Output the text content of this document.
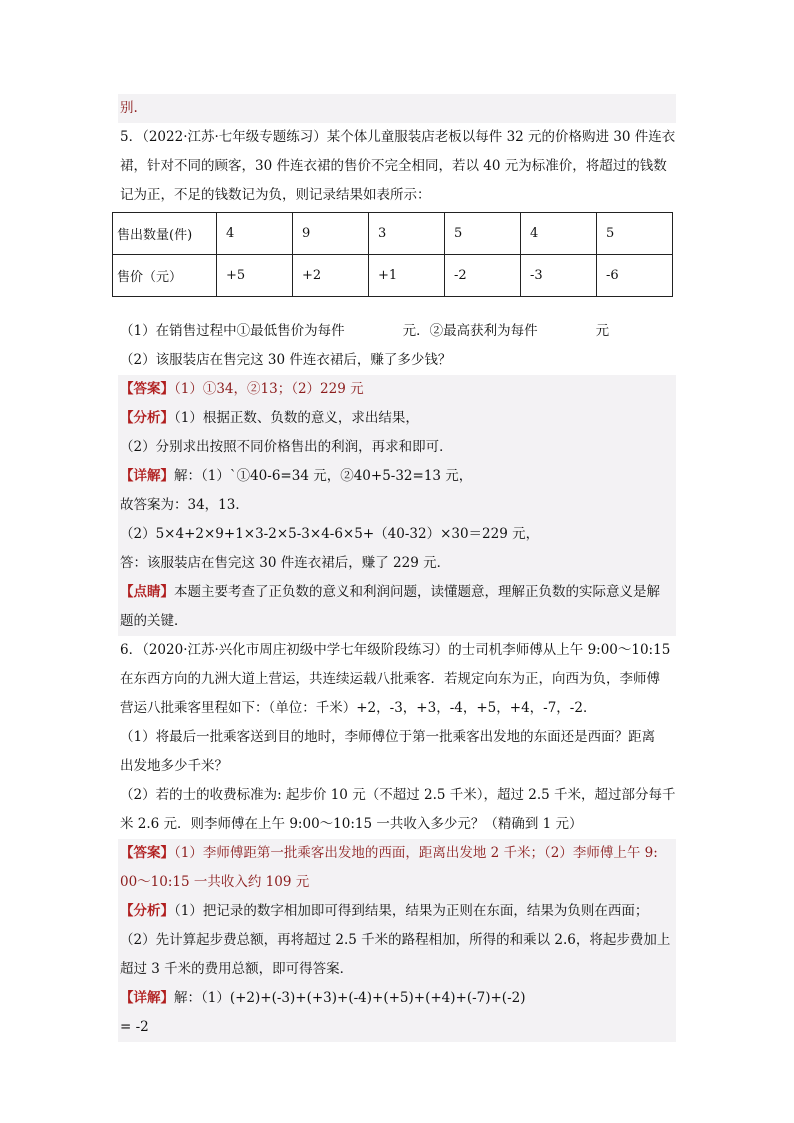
别.
5．（2022·江苏·七年级专题练习）某个体儿童服装店老板以每件 32 元的价格购进 30 件连衣
裙，针对不同的顾客，30 件连衣裙的售价不完全相同，若以 40 元为标准价，将超过的钱数
记为正，不足的钱数记为负，则记录结果如表所示：
售出数量(件)	4	9	3	5	4	5
售价（元）	+5	+2	+1	-2	-3	-6
（1）在销售过程中①最低售价为每件	元．②最高获利为每件	元
（2）该服装店在售完这 30 件连衣裙后，赚了多少钱？
【答案】（1）①34，②13；（2）229 元
【分析】（1）根据正数、负数的意义，求出结果，
（2）分别求出按照不同价格售出的利润，再求和即可．
【详解】解：（1）`①40-6=34 元，②40+5-32=13 元，
故答案为：34，13．
（2）5×4+2×9+1×3-2×5-3×4-6×5+（40-32）×30＝229 元，
答：该服装店在售完这 30 件连衣裙后，赚了 229 元．
【点睛】本题主要考查了正负数的意义和利润问题，读懂题意，理解正负数的实际意义是解
题的关键．
6．（2020·江苏·兴化市周庄初级中学七年级阶段练习）的士司机李师傅从上午 9:00～10:15
在东西方向的九洲大道上营运，共连续运载八批乘客．若规定向东为正，向西为负，李师傅
营运八批乘客里程如下：（单位：千米）+2，-3，+3，-4，+5，+4，-7，-2．
（1）将最后一批乘客送到目的地时，李师傅位于第一批乘客出发地的东面还是西面？距离
出发地多少千米？
（2）若的士的收费标准为: 起步价 10 元（不超过 2.5 千米），超过 2.5 千米，超过部分每千
米 2.6 元．则李师傅在上午 9:00～10:15 一共收入多少元？（精确到 1 元）
【答案】（1）李师傅距第一批乘客出发地的西面，距离出发地 2 千米；（2）李师傅上午 9:
00～10:15 一共收入约 109 元
【分析】（1）把记录的数字相加即可得到结果，结果为正则在东面，结果为负则在西面；
（2）先计算起步费总额，再将超过 2.5 千米的路程相加，所得的和乘以 2.6，将起步费加上
超过 3 千米的费用总额，即可得答案．
【详解】解：（1）(+2)+(-3)+(+3)+(-4)+(+5)+(+4)+(-7)+(-2)
= -2
